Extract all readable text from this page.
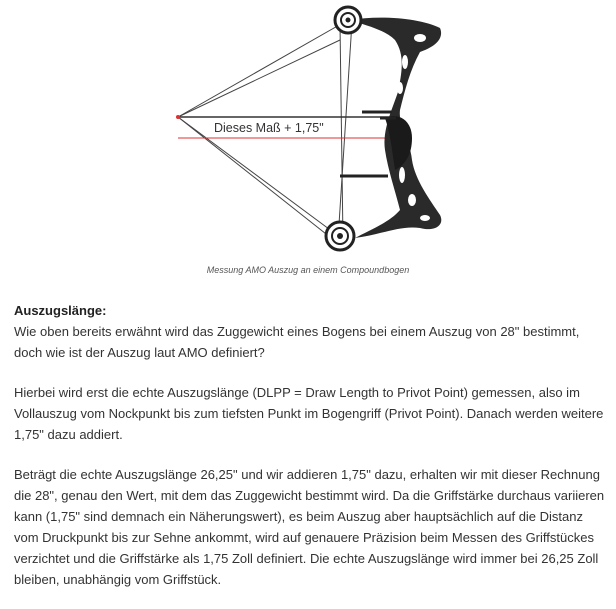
Dieses Maß + 1,75"
Messung AMO Auszug an einem Compoundbogen
Auszugslänge:

Wie oben bereits erwähnt wird das Zuggewicht eines Bogens bei einem Auszug von 28" bestimmt, doch wie ist der Auszug laut AMO definiert?

Hierbei wird erst die echte Auszugslänge (DLPP = Draw Length to Privot Point) gemessen, also im Vollauszug vom Nockpunkt bis zum tiefsten Punkt im Bogengriff (Privot Point). Danach werden weitere 1,75" dazu addiert.

Beträgt die echte Auszugslänge 26,25" und wir addieren 1,75" dazu, erhalten wir mit dieser Rechnung die 28", genau den Wert, mit dem das Zuggewicht bestimmt wird. Da die Griffstärke durchaus variieren kann (1,75" sind demnach ein Näherungswert), es beim Auszug aber hauptsächlich auf die Distanz vom Druckpunkt bis zur Sehne ankommt, wird auf genauere Präzision beim Messen des Griffstückes verzichtet und die Griffstärke als 1,75 Zoll definiert. Die echte Auszugslänge wird immer bei 26,25 Zoll bleiben, unabhängig vom Griffstück.
